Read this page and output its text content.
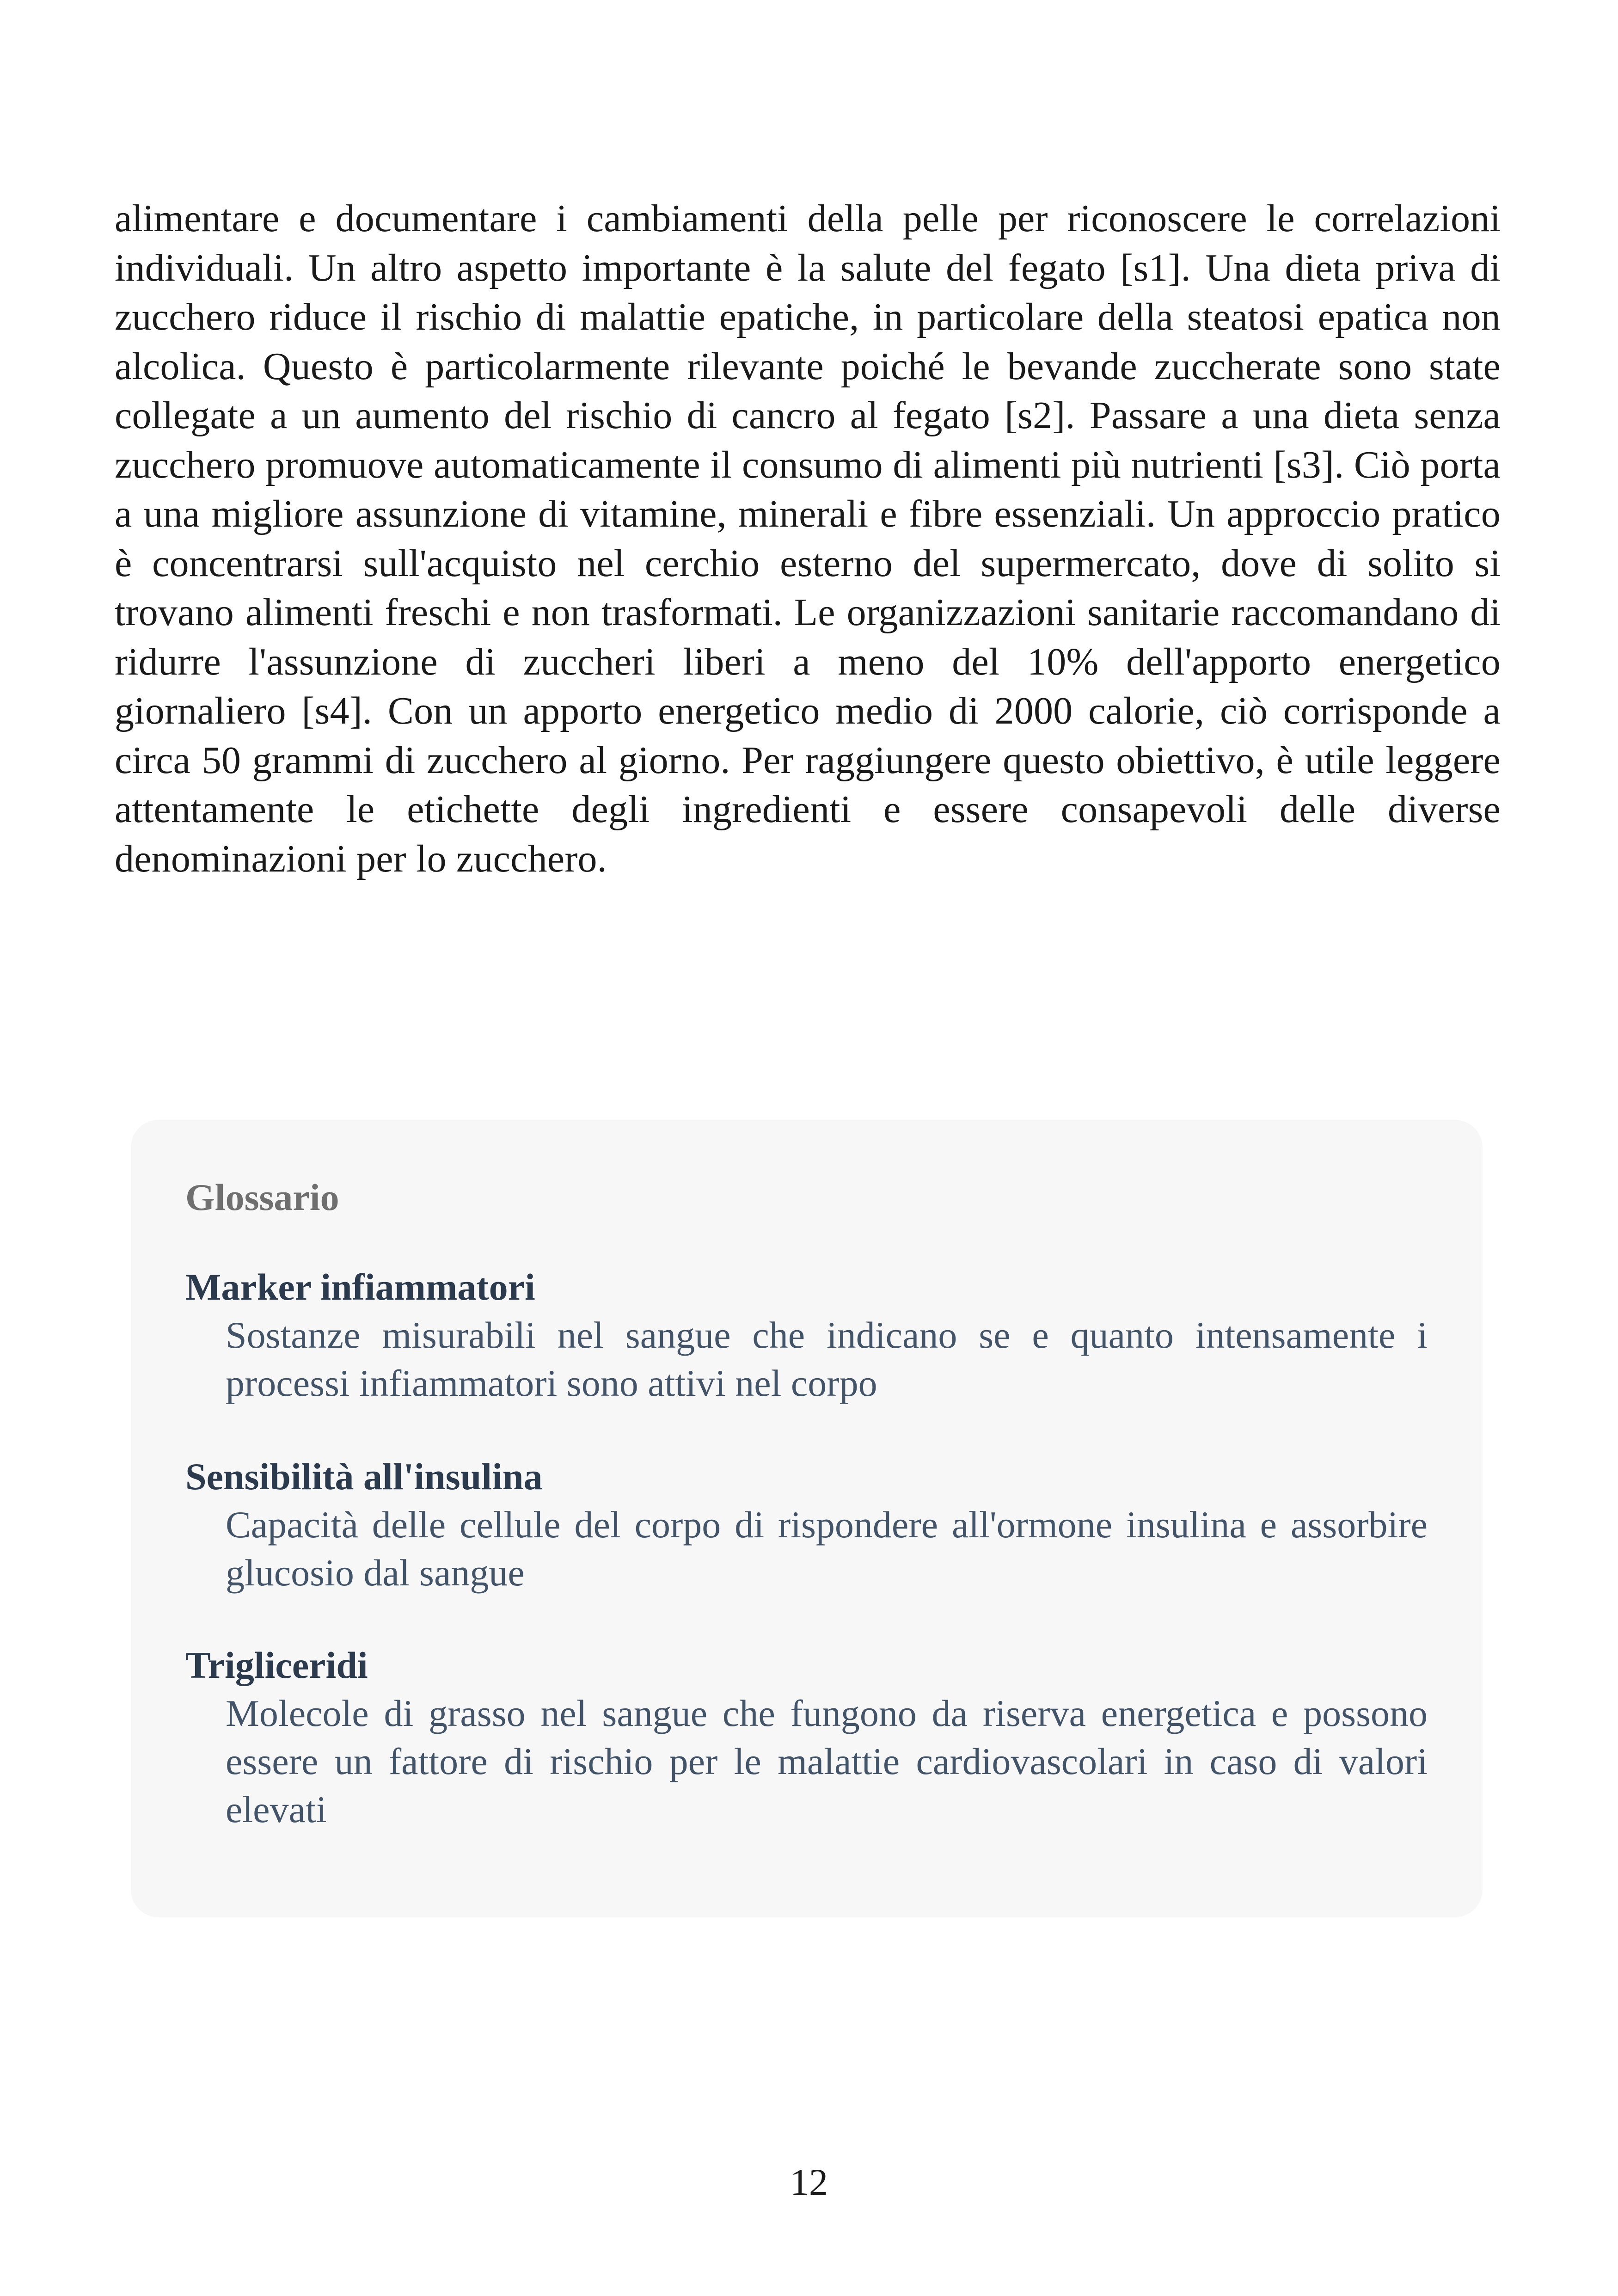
alimentare e documentare i cambiamenti della pelle per riconoscere le correlazioni individuali. Un altro aspetto importante è la salute del fegato [s1]. Una dieta priva di zucchero riduce il rischio di malattie epatiche, in particolare della steatosi epatica non alcolica. Questo è particolarmente rilevante poiché le bevande zuccherate sono state collegate a un aumento del rischio di cancro al fegato [s2]. Passare a una dieta senza zucchero promuove automaticamente il consumo di alimenti più nutrienti [s3]. Ciò porta a una migliore assunzione di vitamine, minerali e fibre essenziali. Un approccio pratico è concentrarsi sull'acquisto nel cerchio esterno del supermercato, dove di solito si trovano alimenti freschi e non trasformati. Le organizzazioni sanitarie raccomandano di ridurre l'assunzione di zuccheri liberi a meno del 10% dell'apporto energetico giornaliero [s4]. Con un apporto energetico medio di 2000 calorie, ciò corrisponde a circa 50 grammi di zucchero al giorno. Per raggiungere questo obiettivo, è utile leggere attentamente le etichette degli ingredienti e essere consapevoli delle diverse denominazioni per lo zucchero.

Glossario

Marker infiammatori

Sostanze misurabili nel sangue che indicano se e quanto intensamente i processi infiammatori sono attivi nel corpo

Sensibilità all'insulina

Capacità delle cellule del corpo di rispondere all'ormone insulina e assorbire glucosio dal sangue

Trigliceridi

Molecole di grasso nel sangue che fungono da riserva energetica e possono essere un fattore di rischio per le malattie cardiovascolari in caso di valori elevati

12
